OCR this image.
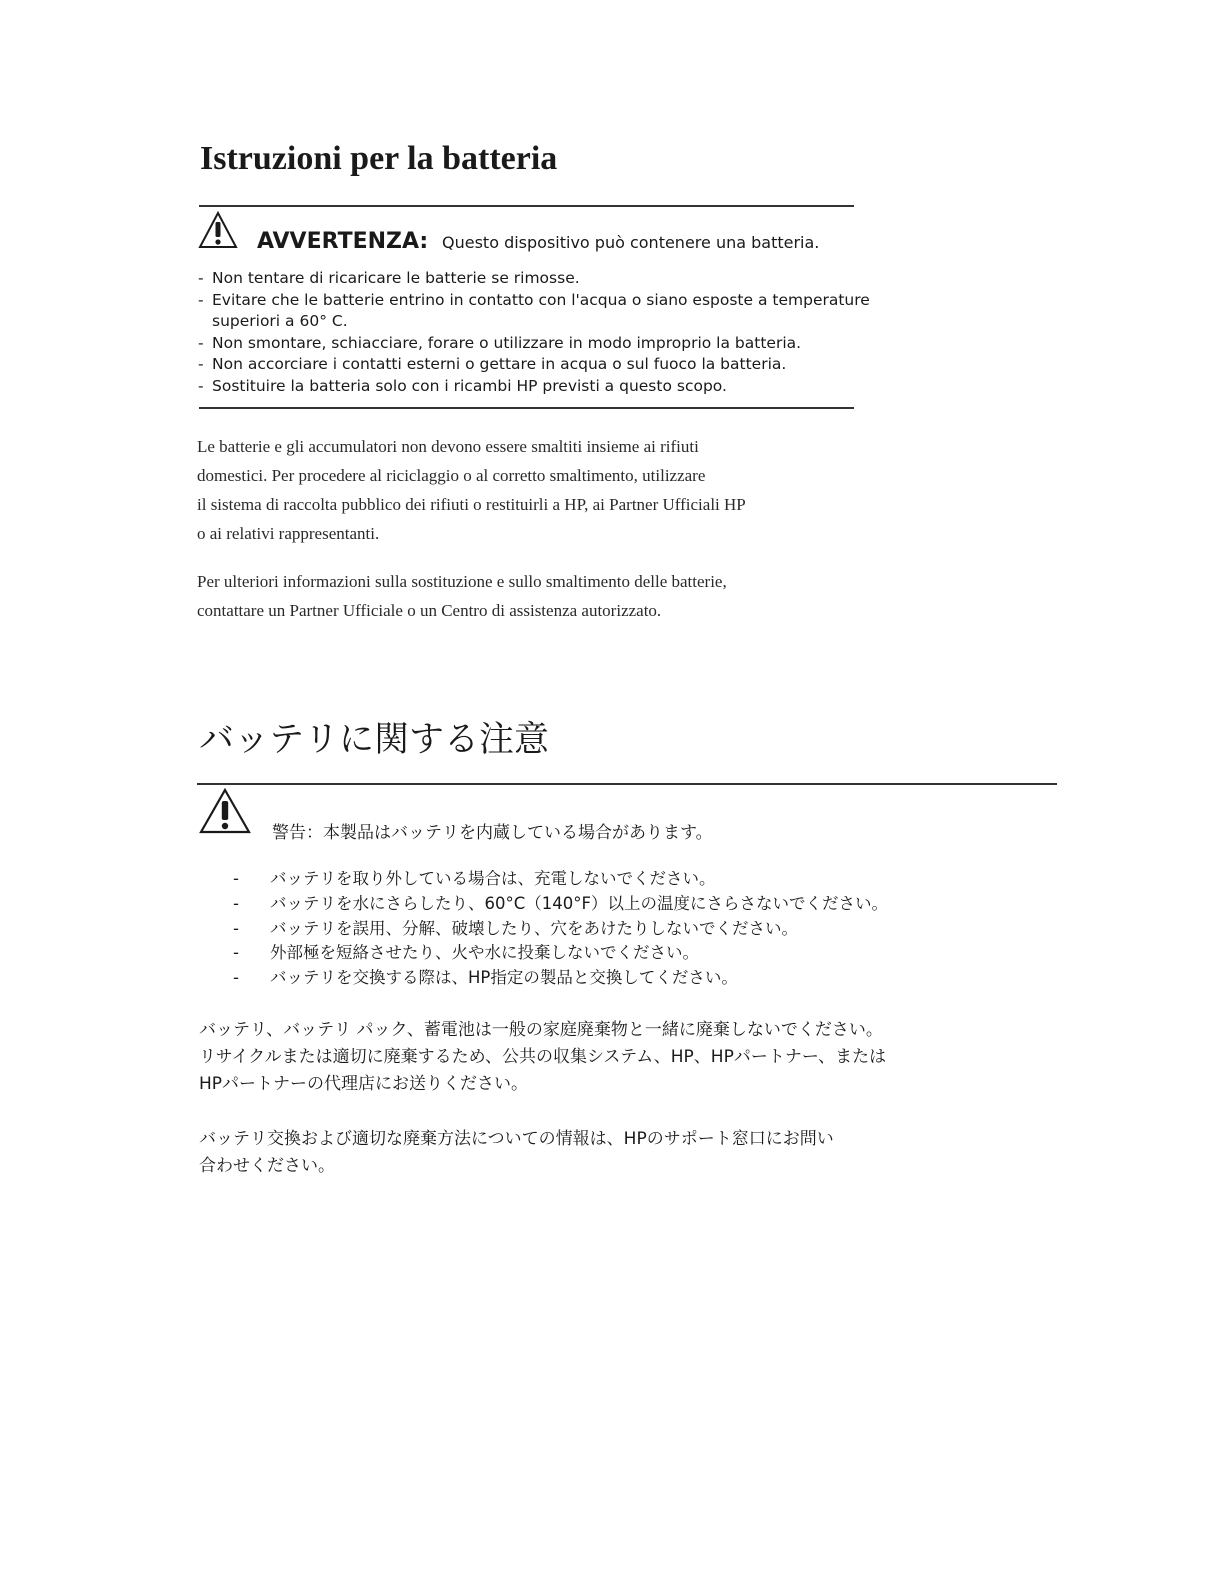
Istruzioni per la batteria
AVVERTENZA: Questo dispositivo può contenere una batteria.
- Non tentare di ricaricare le batterie se rimosse.
- Evitare che le batterie entrino in contatto con l'acqua o siano esposte a temperature
superiori a 60° C.
- Non smontare, schiacciare, forare o utilizzare in modo improprio la batteria.
- Non accorciare i contatti esterni o gettare in acqua o sul fuoco la batteria.
- Sostituire la batteria solo con i ricambi HP previsti a questo scopo.
Le batterie e gli accumulatori non devono essere smaltiti insieme ai rifiuti
domestici. Per procedere al riciclaggio o al corretto smaltimento, utilizzare
il sistema di raccolta pubblico dei rifiuti o restituirli a HP, ai Partner Ufficiali HP
o ai relativi rappresentanti.
Per ulteriori informazioni sulla sostituzione e sullo smaltimento delle batterie,
contattare un Partner Ufficiale o un Centro di assistenza autorizzato.
バッテリに関する注意
警告：本製品はバッテリを内蔵している場合があります。
- バッテリを取り外している場合は、充電しないでください。
- バッテリを水にさらしたり、60°C（140°F）以上の温度にさらさないでください。
- バッテリを誤用、分解、破壊したり、穴をあけたりしないでください。
- 外部極を短絡させたり、火や水に投棄しないでください。
- バッテリを交換する際は、HP指定の製品と交換してください。
バッテリ、バッテリ パック、蓄電池は一般の家庭廃棄物と一緒に廃棄しないでください。
リサイクルまたは適切に廃棄するため、公共の収集システム、HP、HPパートナー、または
HPパートナーの代理店にお送りください。
バッテリ交換および適切な廃棄方法についての情報は、HPのサポート窓口にお問い
合わせください。
